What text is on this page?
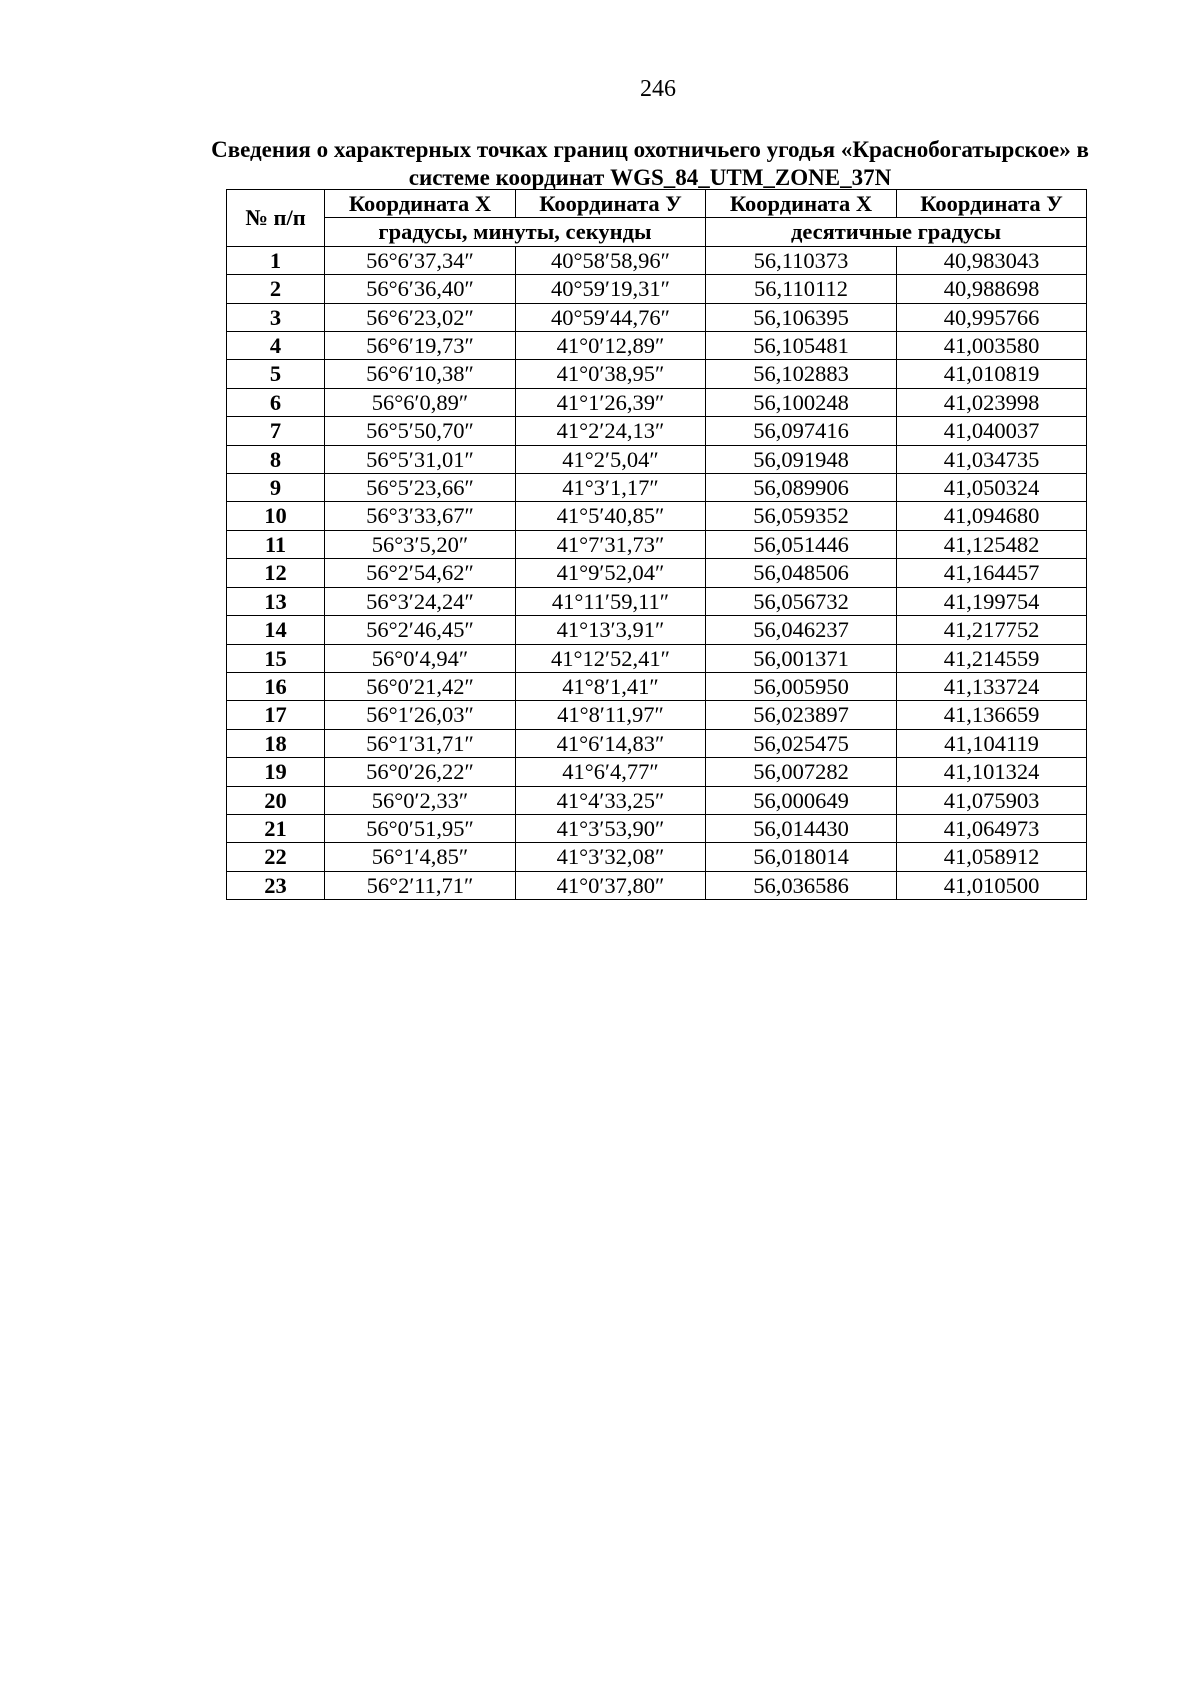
246
Сведения о характерных точках границ охотничьего угодья «Краснобогатырское» в
системе координат WGS_84_UTM_ZONE_37N
№ п/п	Координата Х	Координата У	Координата Х	Координата У
	градусы, минуты, секунды		десятичные градусы	
1	56°6′37,34″	40°58′58,96″	56,110373	40,983043
2	56°6′36,40″	40°59′19,31″	56,110112	40,988698
3	56°6′23,02″	40°59′44,76″	56,106395	40,995766
4	56°6′19,73″	41°0′12,89″	56,105481	41,003580
5	56°6′10,38″	41°0′38,95″	56,102883	41,010819
6	56°6′0,89″	41°1′26,39″	56,100248	41,023998
7	56°5′50,70″	41°2′24,13″	56,097416	41,040037
8	56°5′31,01″	41°2′5,04″	56,091948	41,034735
9	56°5′23,66″	41°3′1,17″	56,089906	41,050324
10	56°3′33,67″	41°5′40,85″	56,059352	41,094680
11	56°3′5,20″	41°7′31,73″	56,051446	41,125482
12	56°2′54,62″	41°9′52,04″	56,048506	41,164457
13	56°3′24,24″	41°11′59,11″	56,056732	41,199754
14	56°2′46,45″	41°13′3,91″	56,046237	41,217752
15	56°0′4,94″	41°12′52,41″	56,001371	41,214559
16	56°0′21,42″	41°8′1,41″	56,005950	41,133724
17	56°1′26,03″	41°8′11,97″	56,023897	41,136659
18	56°1′31,71″	41°6′14,83″	56,025475	41,104119
19	56°0′26,22″	41°6′4,77″	56,007282	41,101324
20	56°0′2,33″	41°4′33,25″	56,000649	41,075903
21	56°0′51,95″	41°3′53,90″	56,014430	41,064973
22	56°1′4,85″	41°3′32,08″	56,018014	41,058912
23	56°2′11,71″	41°0′37,80″	56,036586	41,010500
